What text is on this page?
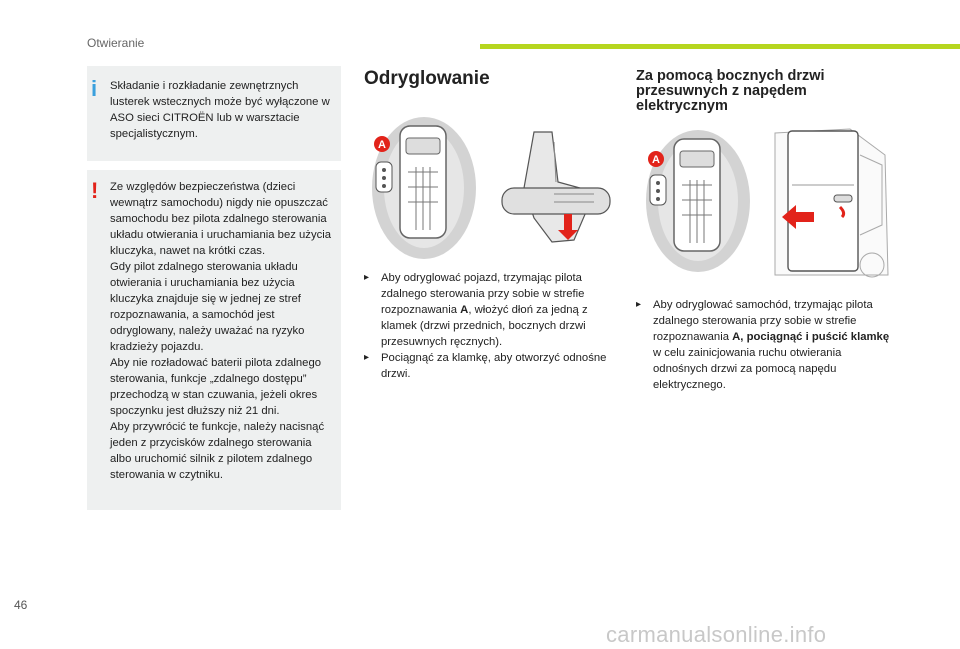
Otwieranie
i Składanie i rozkładanie zewnętrznych lusterek wstecznych może być wyłączone w ASO sieci CITROËN lub w warsztacie specjalistycznym.

! Ze względów bezpieczeństwa (dzieci wewnątrz samochodu) nigdy nie opuszczać samochodu bez pilota zdalnego sterowania układu otwierania i uruchamiania bez użycia kluczyka, nawet na krótki czas.
Gdy pilot zdalnego sterowania układu otwierania i uruchamiania bez użycia kluczyka znajduje się w jednej ze stref rozpoznawania, a samochód jest odryglowany, należy uważać na ryzyko kradzieży pojazdu.
Aby nie rozładować baterii pilota zdalnego sterowania, funkcje „zdalnego dostępu” przechodzą w stan czuwania, jeżeli okres spoczynku jest dłuższy niż 21 dni.
Aby przywrócić te funkcje, należy nacisnąć jeden z przycisków zdalnego sterowania albo uruchomić silnik z pilotem zdalnego sterowania w czytniku.

Odryglowanie
A
▸ Aby odryglować pojazd, trzymając pilota zdalnego sterowania przy sobie w strefie rozpoznawania A, włożyć dłoń za jedną z klamek (drzwi przednich, bocznych drzwi przesuwnych ręcznych).
▸ Pociągnąć za klamkę, aby otworzyć odnośne drzwi.
Za pomocą bocznych drzwi przesuwnych z napędem elektrycznym
A
▸ Aby odryglować samochód, trzymając pilota zdalnego sterowania przy sobie w strefie rozpoznawania A, pociągnąć i puścić klamkę w celu zainicjowania ruchu otwierania odnośnych drzwi za pomocą napędu elektrycznego.
46
carmanualsonline.info
